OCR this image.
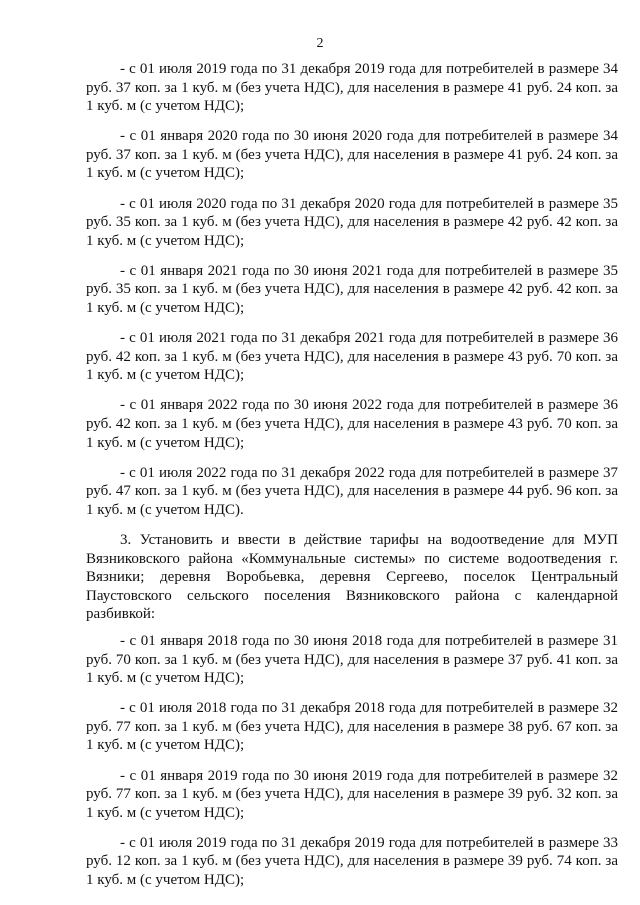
2

- с 01 июля 2019 года по 31 декабря 2019 года для потребителей в размере 34 руб. 37 коп. за 1 куб. м (без учета НДС), для населения в размере 41 руб. 24 коп. за 1 куб. м (с учетом НДС);

- с 01 января 2020 года по 30 июня 2020 года для потребителей в размере 34 руб. 37 коп. за 1 куб. м (без учета НДС), для населения в размере 41 руб. 24 коп. за 1 куб. м (с учетом НДС);

- с 01 июля 2020 года по 31 декабря 2020 года для потребителей в размере 35 руб. 35 коп. за 1 куб. м (без учета НДС), для населения в размере 42 руб. 42 коп. за 1 куб. м (с учетом НДС);

- с 01 января 2021 года по 30 июня 2021 года для потребителей в размере 35 руб. 35 коп. за 1 куб. м (без учета НДС), для населения в размере 42 руб. 42 коп. за 1 куб. м (с учетом НДС);

- с 01 июля 2021 года по 31 декабря 2021 года для потребителей в размере 36 руб. 42 коп. за 1 куб. м (без учета НДС), для населения в размере 43 руб. 70 коп. за 1 куб. м (с учетом НДС);

- с 01 января 2022 года по 30 июня 2022 года для потребителей в размере 36 руб. 42 коп. за 1 куб. м (без учета НДС), для населения в размере 43 руб. 70 коп. за 1 куб. м (с учетом НДС);

- с 01 июля 2022 года по 31 декабря 2022 года для потребителей в размере 37 руб. 47 коп. за 1 куб. м (без учета НДС), для населения в размере 44 руб. 96 коп. за 1 куб. м (с учетом НДС).

3. Установить и ввести в действие тарифы на водоотведение для МУП Вязниковского района «Коммунальные системы» по системе водоотведения г. Вязники; деревня Воробьевка, деревня Сергеево, поселок Центральный Паустовского сельского поселения Вязниковского района с календарной разбивкой:

- с 01 января 2018 года по 30 июня 2018 года для потребителей в размере 31 руб. 70 коп. за 1 куб. м (без учета НДС), для населения в размере 37 руб. 41 коп. за 1 куб. м (с учетом НДС);

- с 01 июля 2018 года по 31 декабря 2018 года для потребителей в размере 32 руб. 77 коп. за 1 куб. м (без учета НДС), для населения в размере 38 руб. 67 коп. за 1 куб. м (с учетом НДС);

- с 01 января 2019 года по 30 июня 2019 года для потребителей в размере 32 руб. 77 коп. за 1 куб. м (без учета НДС), для населения в размере 39 руб. 32 коп. за 1 куб. м (с учетом НДС);

- с 01 июля 2019 года по 31 декабря 2019 года для потребителей в размере 33 руб. 12 коп. за 1 куб. м (без учета НДС), для населения в размере 39 руб. 74 коп. за 1 куб. м (с учетом НДС);
